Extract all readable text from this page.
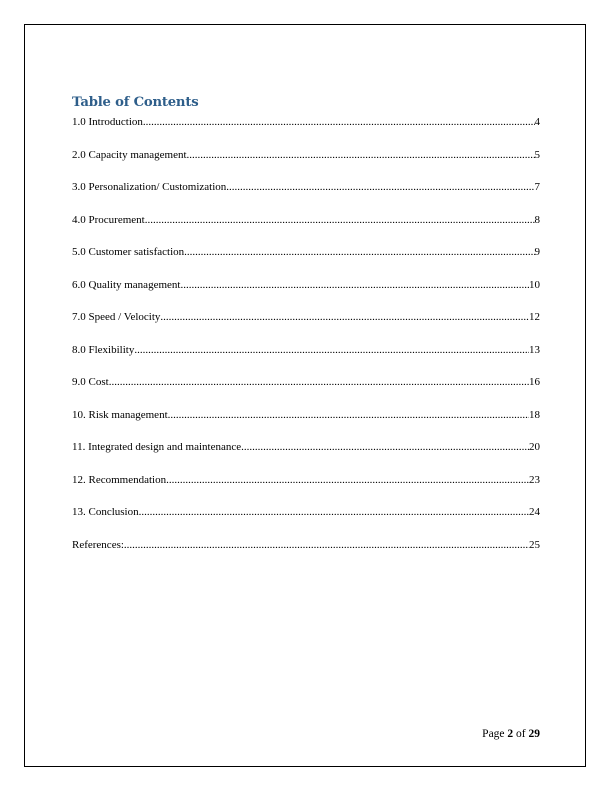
Table of Contents
1.0 Introduction .....	4
2.0 Capacity management .....	5
3.0 Personalization/ Customization .....	7
4.0 Procurement .....	8
5.0 Customer satisfaction .....	9
6.0 Quality management .....	10
7.0 Speed / Velocity .....	12
8.0 Flexibility .....	13
9.0 Cost .....	16
10. Risk management .....	18
11. Integrated design and maintenance .....	20
12. Recommendation .....	23
13. Conclusion .....	24
References: .....	25
Page 2 of 29
